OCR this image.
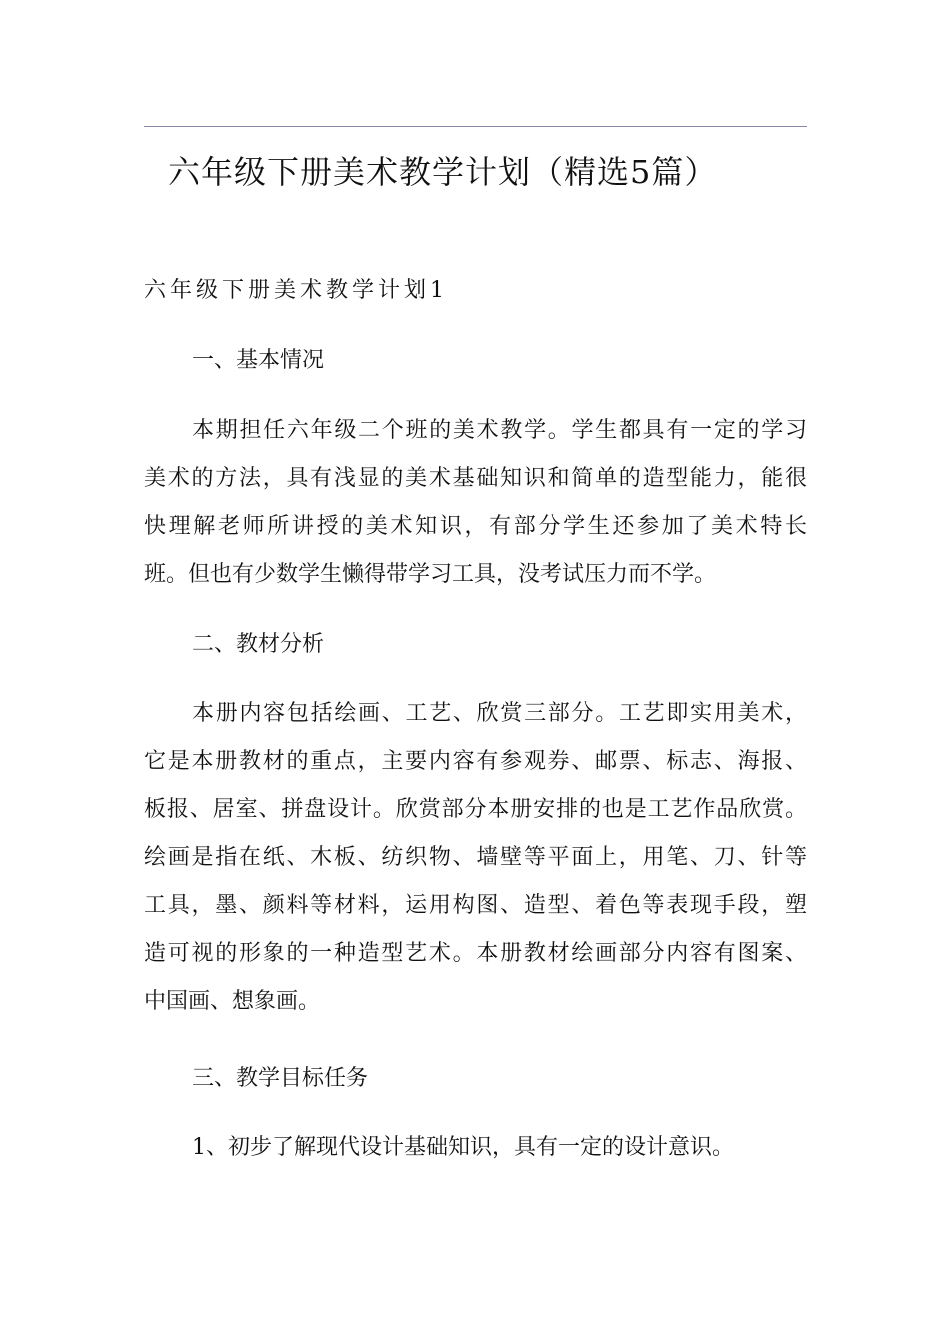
六年级下册美术教学计划（精选5篇）
六年级下册美术教学计划1
一、基本情况
本期担任六年级二个班的美术教学。学生都具有一定的学习
美术的方法，具有浅显的美术基础知识和简单的造型能力，能很
快理解老师所讲授的美术知识，有部分学生还参加了美术特长
班。但也有少数学生懒得带学习工具，没考试压力而不学。
二、教材分析
本册内容包括绘画、工艺、欣赏三部分。工艺即实用美术，
它是本册教材的重点，主要内容有参观券、邮票、标志、海报、
板报、居室、拼盘设计。欣赏部分本册安排的也是工艺作品欣赏。
绘画是指在纸、木板、纺织物、墙壁等平面上，用笔、刀、针等
工具，墨、颜料等材料，运用构图、造型、着色等表现手段，塑
造可视的形象的一种造型艺术。本册教材绘画部分内容有图案、
中国画、想象画。
三、教学目标任务
1、初步了解现代设计基础知识，具有一定的设计意识。
